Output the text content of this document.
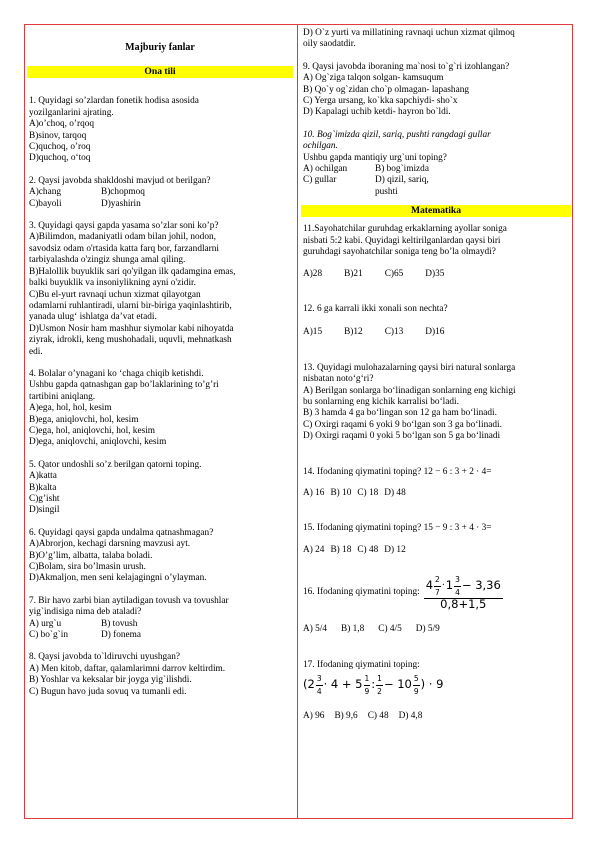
Majburiy fanlar
Ona tili
1. Quyidagi so’zlardan fonetik hodisa asosida
yozilganlarini ajrating.
A)o’choq, o’rqoq
B)sinov, tarqoq
C)quchoq, o’roq
D)quchoq, o‘toq
2. Qaysi javobda shakldoshi mavjud ot berilgan?
A)chang	B)chopmoq
C)bayoli	D)yashirin
3. Quyidagi qaysi gapda yasama so’zlar soni ko’p?
A)Bilimdon, madaniyatli odam bilan johil, nodon,
savodsiz odam o'rtasida katta farq bor, farzandlarni
tarbiyalashda o'zingiz shunga amal qiling.
B)Halollik buyuklik sari qo'yilgan ilk qadamgina emas,
balki buyuklik va insoniylikning ayni o'zidir.
C)Bu el-yurt ravnaqi uchun xizmat qilayotgan
odamlarni ruhlantiradi, ularni bir-biriga yaqinlashtirib,
yanada ulug‘ ishlatga da’vat etadi.
D)Usmon Nosir ham mashhur siymolar kabi nihoyatda
ziyrak, idrokli, keng mushohadali, uquvli, mehnatkash
edi.
4. Bolalar o’ynagani ko ‘chaga chiqib ketishdi.
Ushbu gapda qatnashgan gap bo’laklarining to’g’ri
tartibini aniqlang.
A)ega, hol, hol, kesim
B)ega, aniqlovchi, hol, kesim
C)ega, hol, aniqlovchi, hol, kesim
D)ega, aniqlovchi, aniqlovchi, kesim
5. Qator undoshli so’z berilgan qatorni toping.
A)katta
B)kalta
C)g’isht
D)singil
6. Quyidagi qaysi gapda undalma qatnashmagan?
A)Abrorjon, kechagi darsning mavzusi ayt.
B)O’g’lim, albatta, talaba boladi.
C)Bolam, sira bo’lmasin urush.
D)Akmaljon, men seni kelajagingni o’ylayman.
7. Bir havo zarbi bian aytiladigan tovush va tovushlar
yig`indisiga nima deb ataladi?
A) urg`u	B) tovush
C) bo`g`in	D) fonema
8. Qaysi javobda to`ldiruvchi uyushgan?
A) Men kitob, daftar, qalamlarimni darrov keltirdim.
B) Yoshlar va keksalar bir joyga yig`ilishdi.
C) Bugun havo juda sovuq va tumanli edi.
D) O`z yurti va millatining ravnaqi uchun xizmat qilmoq
oily saodatdir.
9. Qaysi javobda iboraning ma`nosi to`g`ri izohlangan?
A) Og`ziga talqon solgan- kamsuqum
B) Qo`y og`zidan cho`p olmagan- lapashang
C) Yerga ursang, ko`kka sapchiydi- sho`x
D) Kapalagi uchib ketdi- hayron bo`ldi.
10. Bog`imizda qizil, sariq, pushti rangdagi gullar
ochilgan.
Ushbu gapda mantiqiy urg`uni toping?
A) ochilgan	B) bog`imizda
C) gullar	D) qizil, sariq, pushti
Matematika
11.Sayohatchilar guruhdag erkaklarning ayollar soniga
nisbati 5:2 kabi. Quyidagi keltirilganlardan qaysi biri
guruhdagi sayohatchilar soniga teng bo’la olmaydi?
A)28 B)21 C)65 D)35
12. 6 ga karrali ikki xonali son nechta?
A)15 B)12 C)13 D)16
13. Quyidagi mulohazalarning qaysi biri natural sonlarga
nisbatan noto‘g‘ri?
A) Berilgan sonlarga bo‘linadigan sonlarning eng kichigi
bu sonlarning eng kichik karralisi bo‘ladi.
B) 3 hamda 4 ga bo‘lingan son 12 ga ham bo‘linadi.
C) Oxirgi raqami 6 yoki 9 bo‘lgan son 3 ga bo‘linadi.
D) Oxirgi raqami 0 yoki 5 bo‘lgan son 5 ga bo‘linadi
14. Ifodaning qiymatini toping? 12 − 6 : 3 + 2 · 4=
A) 16 B) 10 C) 18 D) 48
15. Ifodaning qiymatini toping? 15 − 9 : 3 + 4 · 3=
A) 24 B) 18 C) 48 D) 12
16. Ifodaning qiymatini toping: $4 \frac{2}{7} \cdot 1 \frac{3}{4} - 3,36$
0,8+1,5
A) 5/4 B) 1,8 C) 4/5 D) 5/9
17. Ifodaning qiymatini toping:
($2 \frac{3}{4} \cdot 4 + 5 \frac{1}{9}$ : $\frac{1}{2} - 10 \frac{5}{9}$ ) · 9
A) 96 B) 9,6 C) 48 D) 4,8
